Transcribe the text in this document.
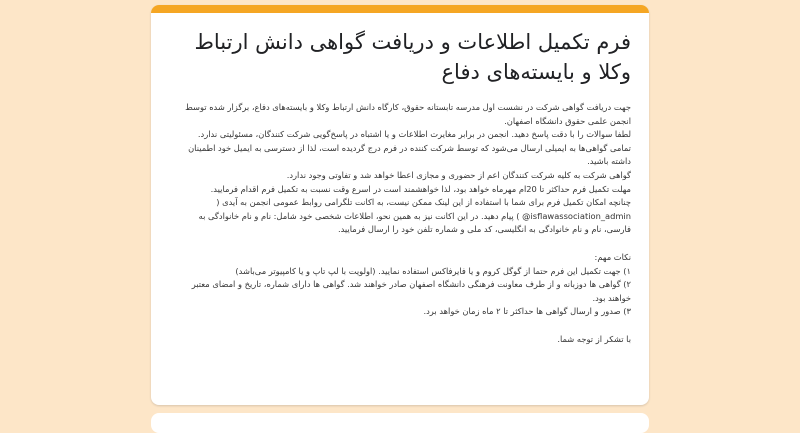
فرم تکمیل اطلاعات و دریافت گواهی دانش ارتباط وکلا و بایسته‌های دفاع

جهت دریافت گواهی شرکت در نشست اول مدرسه تابستانه حقوق، کارگاه دانش ارتباط وکلا و بایسته‌های دفاع، برگزار شده توسط انجمن علمی حقوق دانشگاه اصفهان.

لطفا سوالات را با دقت پاسخ دهید. انجمن در برابر مغایرت اطلاعات و یا اشتباه در پاسخ‌گویی شرکت کنندگان، مسئولیتی ندارد.

تمامی گواهی‌ها به ایمیلی ارسال می‌شود که توسط شرکت کننده در فرم درج گردیده است، لذا از دسترسی به ایمیل خود اطمینان داشته باشید.

گواهی شرکت به کلیه شرکت کنندگان اعم از حضوری و مجازی اعطا خواهد شد و تفاوتی وجود ندارد.

مهلت تکمیل فرم حداکثر تا 20ام مهرماه خواهد بود، لذا خواهشمند است در اسرع وقت نسبت به تکمیل فرم اقدام فرمایید.

چنانچه امکان تکمیل فرم برای شما با استفاده از این لینک ممکن نیست، به اکانت تلگرامی روابط عمومی انجمن به آیدی ( isflawassociation_admin@ ) پیام دهید. در این اکانت نیز به همین نحو، اطلاعات شخصی خود شامل: نام و نام خانوادگی به فارسی، نام و نام خانوادگی به انگلیسی، کد ملی و شماره تلفن خود را ارسال فرمایید.

نکات مهم:

۱) جهت تکمیل این فرم حتما از گوگل کروم و یا فایرفاکس استفاده نمایید. (اولویت با لپ تاپ و یا کامپیوتر می‌باشد)

۲) گواهی ها دوزبانه و از طرف معاونت فرهنگی دانشگاه اصفهان صادر خواهند شد. گواهی ها دارای شماره، تاریخ و امضای معتبر خواهند بود.

۳) صدور و ارسال گواهی ها حداکثر تا ۲ ماه زمان خواهد برد.

با تشکر از توجه شما.
